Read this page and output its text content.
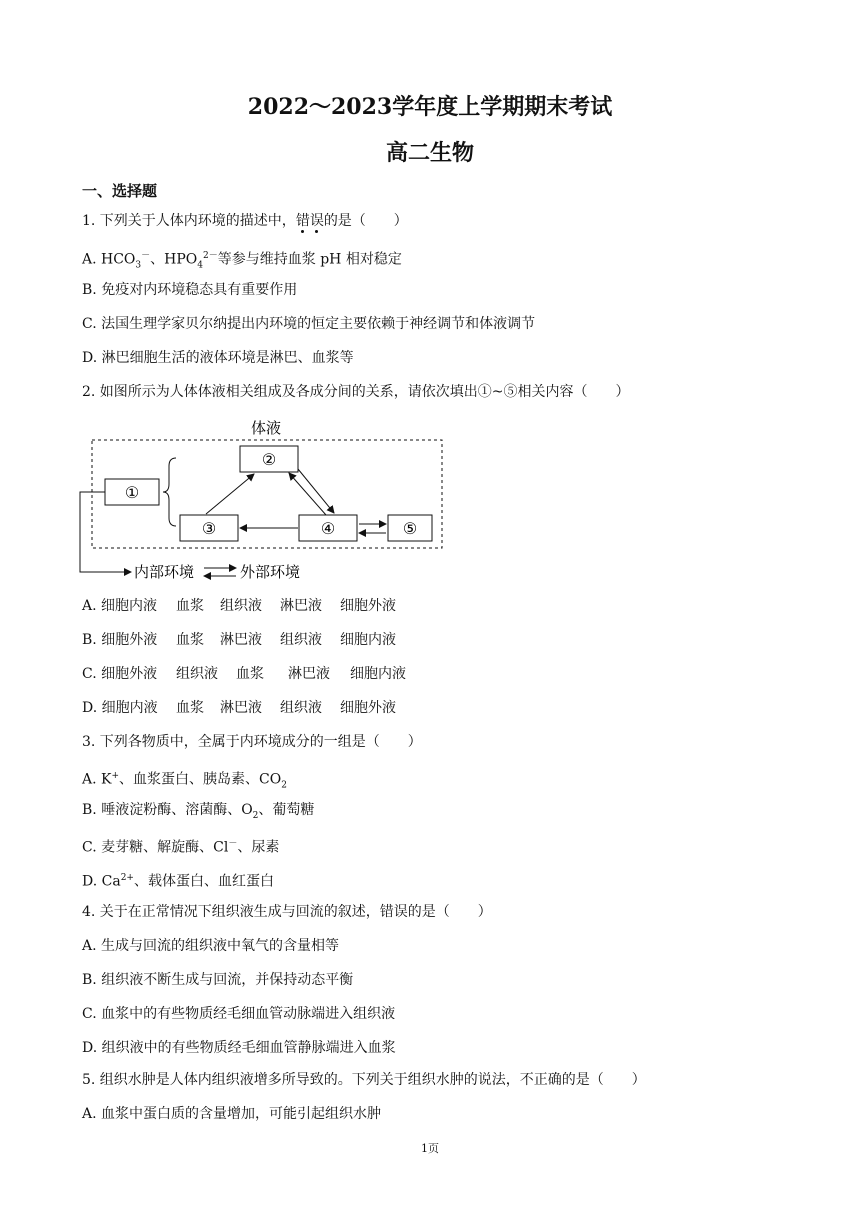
2022～2023学年度上学期期末考试
高二生物
一、选择题
1. 下列关于人体内环境的描述中，错误的是（　　）
A. $HCO_3^-$、$HPO_4^{2-}$等参与维持血浆 pH 相对稳定
B. 免疫对内环境稳态具有重要作用
C. 法国生理学家贝尔纳提出内环境的恒定主要依赖于神经调节和体液调节
D. 淋巴细胞生活的液体环境是淋巴、血浆等
2. 如图所示为人体体液相关组成及各成分间的关系，请依次填出①~⑤相关内容（　　）
体液
②
③	④	⑤
①
内部环境	外部环境
A. 细胞内液 血浆 组织液 淋巴液 细胞外液
B. 细胞外液 血浆 淋巴液 组织液 细胞内液
C. 细胞外液 组织液 血浆 淋巴液 细胞内液
D. 细胞内液 血浆 淋巴液 组织液 细胞外液
3. 下列各物质中，全属于内环境成分的一组是（　　）
A. K+、血浆蛋白、胰岛素、$CO_2$
B. 唾液淀粉酶、溶菌酶、$O_2$、葡萄糖
C. 麦芽糖、解旋酶、Cl－、尿素
D. $Ca^{2+}$、载体蛋白、血红蛋白
4. 关于在正常情况下组织液生成与回流的叙述，错误的是（　　）
A. 生成与回流的组织液中氧气的含量相等
B. 组织液不断生成与回流，并保持动态平衡
C. 血浆中的有些物质经毛细血管动脉端进入组织液
D. 组织液中的有些物质经毛细血管静脉端进入血浆
5. 组织水肿是人体内组织液增多所导致的。下列关于组织水肿的说法，不正确的是（　　）
A. 血浆中蛋白质的含量增加，可能引起组织水肿
1页
